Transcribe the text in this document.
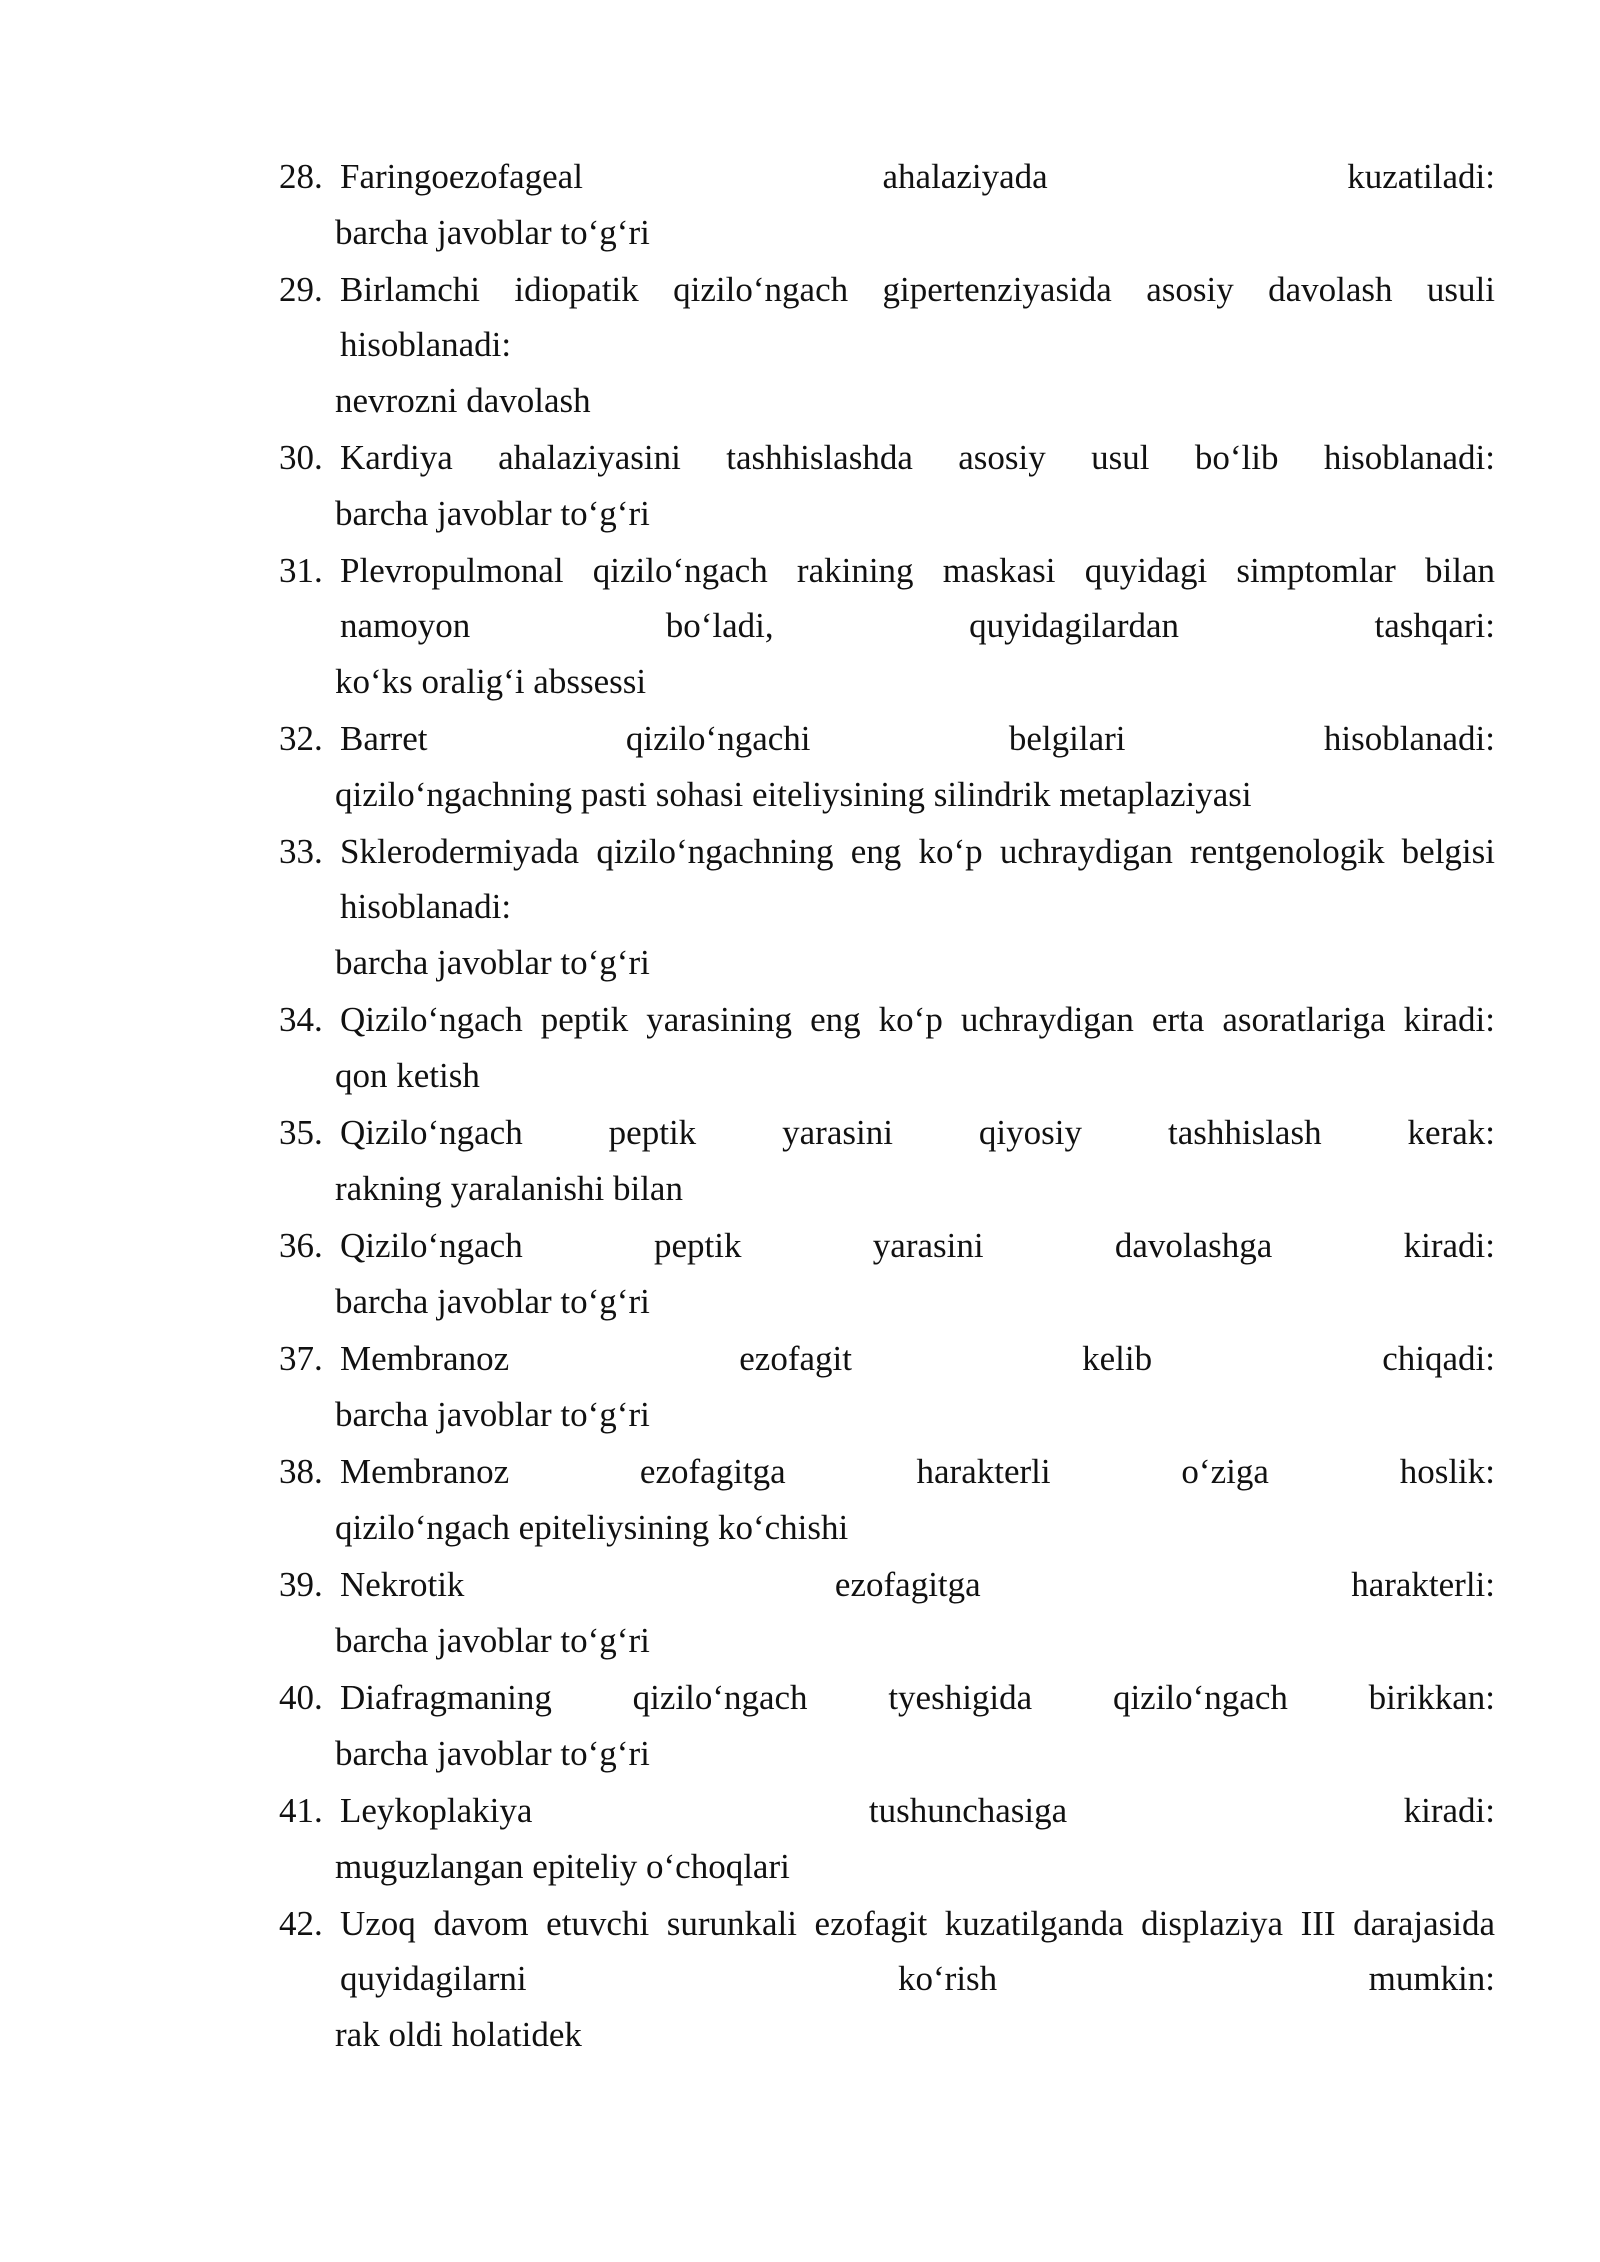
28. Faringoezofageal ahalaziyada kuzatiladi:
barcha javoblar to‘g‘ri
29. Birlamchi idiopatik qizilo‘ngach gipertenziyasida asosiy davolash usuli hisoblanadi:
nevrozni davolash
30. Kardiya ahalaziyasini tashhislashda asosiy usul bo‘lib hisoblanadi:
barcha javoblar to‘g‘ri
31. Plevropulmonal qizilo‘ngach rakining maskasi quyidagi simptomlar bilan namoyon bo‘ladi, quyidagilardan tashqari:
ko‘ks oralig‘i abssessi
32. Barret qizilo‘ngachi belgilari hisoblanadi:
qizilo‘ngachning pasti sohasi eiteliysining silindrik metaplaziyasi
33. Sklerodermiyada qizilo‘ngachning eng ko‘p uchraydigan rentgenologik belgisi hisoblanadi:
barcha javoblar to‘g‘ri
34. Qizilo‘ngach peptik yarasining eng ko‘p uchraydigan erta asoratlariga kiradi:
qon ketish
35. Qizilo‘ngach peptik yarasini qiyosiy tashhislash kerak:
rakning yaralanishi bilan
36. Qizilo‘ngach peptik yarasini davolashga kiradi:
barcha javoblar to‘g‘ri
37. Membranoz ezofagit kelib chiqadi:
barcha javoblar to‘g‘ri
38. Membranoz ezofagitga harakterli o‘ziga hoslik:
qizilo‘ngach epiteliysining ko‘chishi
39. Nekrotik ezofagitga harakterli:
barcha javoblar to‘g‘ri
40. Diafragmaning qizilo‘ngach tyeshigida qizilo‘ngach birikkan:
barcha javoblar to‘g‘ri
41. Leykoplakiya tushunchasiga kiradi:
muguzlangan epiteliy o‘choqlari
42. Uzoq davom etuvchi surunkali ezofagit kuzatilganda displaziya III darajasida quyidagilarni ko‘rish mumkin:
rak oldi holatidek
